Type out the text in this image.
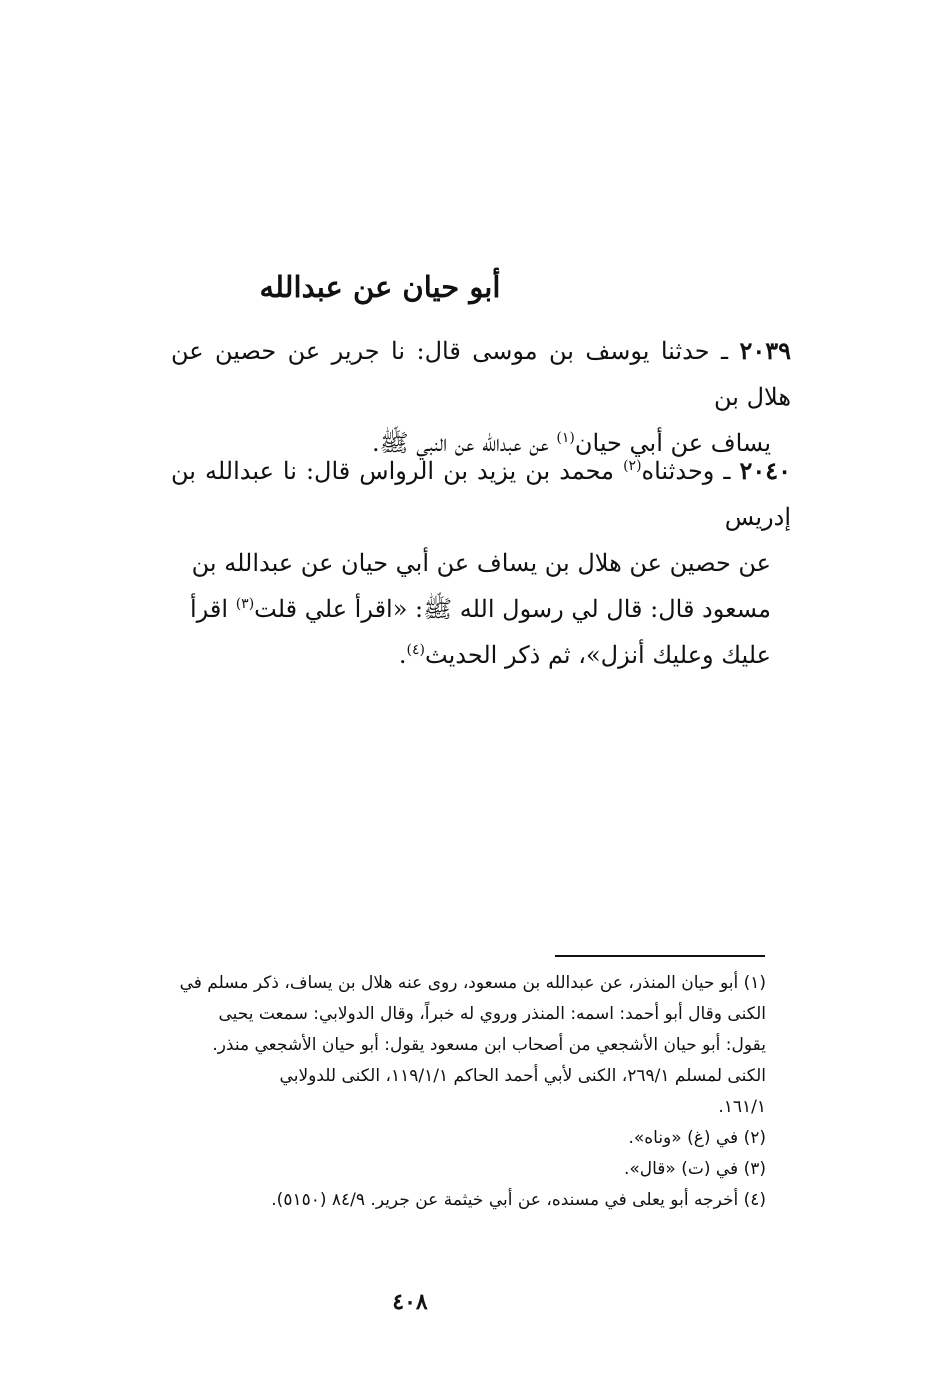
أبو حيان عن عبدالله
٢٠٣٩ ـ حدثنا يوسف بن موسى قال: نا جرير عن حصين عن هلال بن
يساف عن أبي حيان$^{(١)}$ عن عبدالله عن النبي ﷺ.
٢٠٤٠ ـ وحدثناه$^{(٢)}$ محمد بن يزيد بن الرواس قال: نا عبدالله بن إدريس
عن حصين عن هلال بن يساف عن أبي حيان عن عبدالله بن
مسعود قال: قال لي رسول الله ﷺ: «اقرأ علي قلت$^{(٣)}$ اقرأ
عليك وعليك أنزل»، ثم ذكر الحديث$^{(٤)}$.
(١) أبو حيان المنذر، عن عبدالله بن مسعود، روى عنه هلال بن يساف، ذكر مسلم في
الكنى وقال أبو أحمد: اسمه: المنذر وروي له خبراً، وقال الدولابي: سمعت يحيى
يقول: أبو حيان الأشجعي من أصحاب ابن مسعود يقول: أبو حيان الأشجعي منذر.
الكنى لمسلم ٢٦٩/١، الكنى لأبي أحمد الحاكم ١١٩/١/١، الكنى للدولابي
١٦١/١.
(٢) في (غ) «وناه».
(٣) في (ت) «قال».
(٤) أخرجه أبو يعلى في مسنده، عن أبي خيثمة عن جرير. ٨٤/٩ (٥١٥٠).
٤٠٨
